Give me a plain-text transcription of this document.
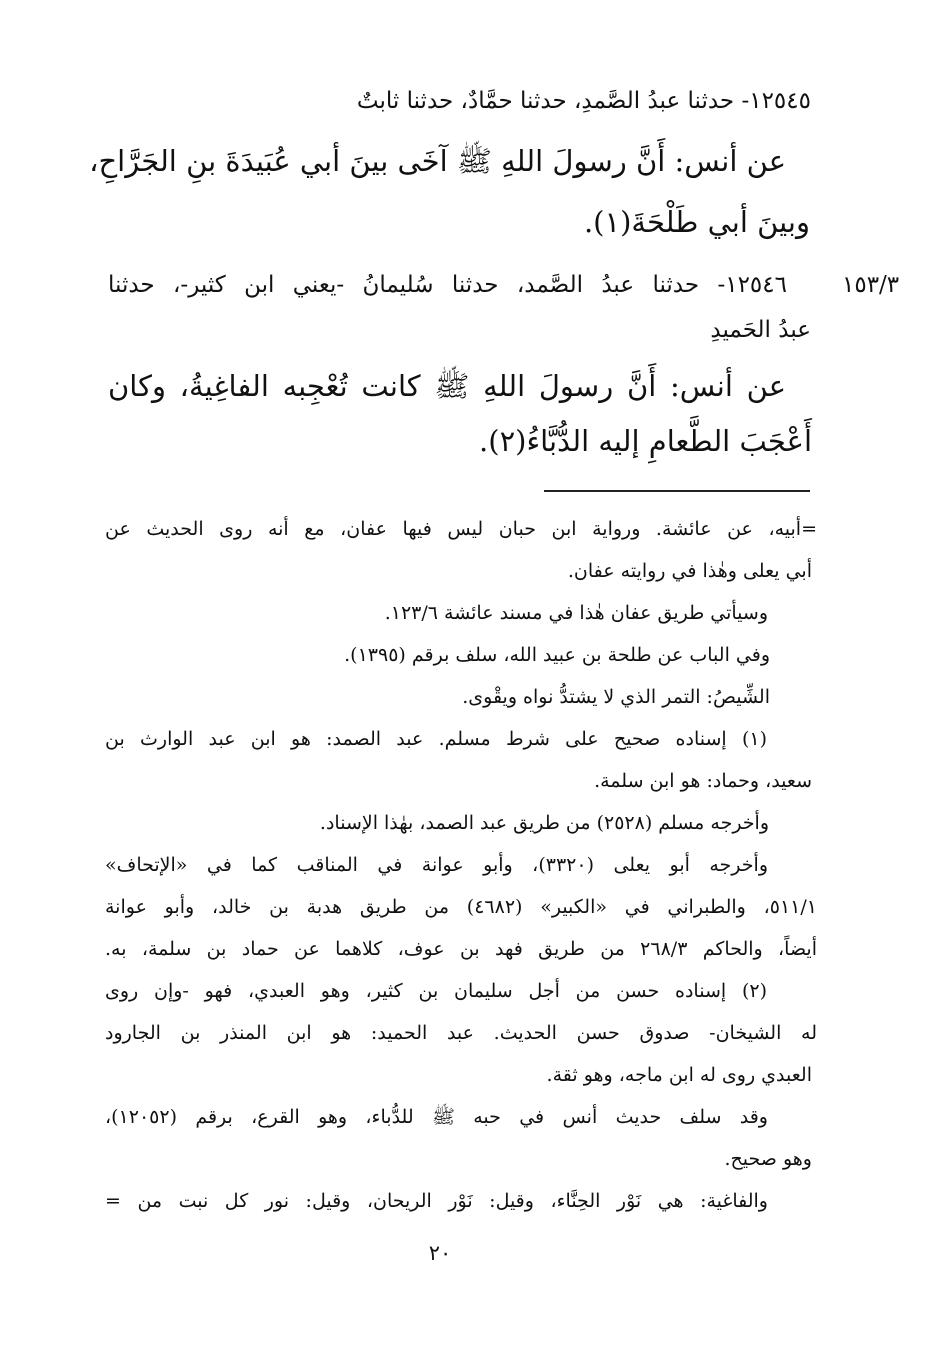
١٥٣/٣
١٢٥٤٥- حدثنا عبدُ الصَّمدِ، حدثنا حمَّادٌ، حدثنا ثابتٌ
عن أنس: أَنَّ رسولَ اللهِ ﷺ آخَى بينَ أبي عُبَيدَةَ بنِ الجَرَّاحِ،
وبينَ أبي طَلْحَةَ(١).
١٢٥٤٦- حدثنا عبدُ الصَّمد، حدثنا سُليمانُ -يعني ابن كثير-، حدثنا
عبدُ الحَميدِ
عن أنس: أَنَّ رسولَ اللهِ ﷺ كانت تُعْجِبه الفاغِيةُ، وكان
أَعْجَبَ الطَّعامِ إليه الدُّبَّاءُ(٢).
=أبيه، عن عائشة. ورواية ابن حبان ليس فيها عفان، مع أنه روى الحديث عن
أبي يعلى وهٰذا في روايته عفان.
وسيأتي طريق عفان هٰذا في مسند عائشة ١٢٣/٦.
وفي الباب عن طلحة بن عبيد الله، سلف برقم (١٣٩٥).
الشِّيصُ: التمر الذي لا يشتدُّ نواه ويقْوى.
(١) إسناده صحيح على شرط مسلم. عبد الصمد: هو ابن عبد الوارث بن
سعيد، وحماد: هو ابن سلمة.
وأخرجه مسلم (٢٥٢٨) من طريق عبد الصمد، بهٰذا الإسناد.
وأخرجه أبو يعلى (٣٣٢٠)، وأبو عوانة في المناقب كما في «الإتحاف»
٥١١/١، والطبراني في «الكبير» (٤٦٨٢) من طريق هدبة بن خالد، وأبو عوانة
أيضاً، والحاكم ٢٦٨/٣ من طريق فهد بن عوف، كلاهما عن حماد بن سلمة، به.
(٢) إسناده حسن من أجل سليمان بن كثير، وهو العبدي، فهو -وإن روى
له الشيخان- صدوق حسن الحديث. عبد الحميد: هو ابن المنذر بن الجارود
العبدي روى له ابن ماجه، وهو ثقة.
وقد سلف حديث أنس في حبه ﷺ للدُّباء، وهو القرع، برقم (١٢٠٥٢)،
وهو صحيح.
والفاغية: هي نَوْر الحِنَّاء، وقيل: نَوْر الريحان، وقيل: نور كل نبت من =
٢٠
